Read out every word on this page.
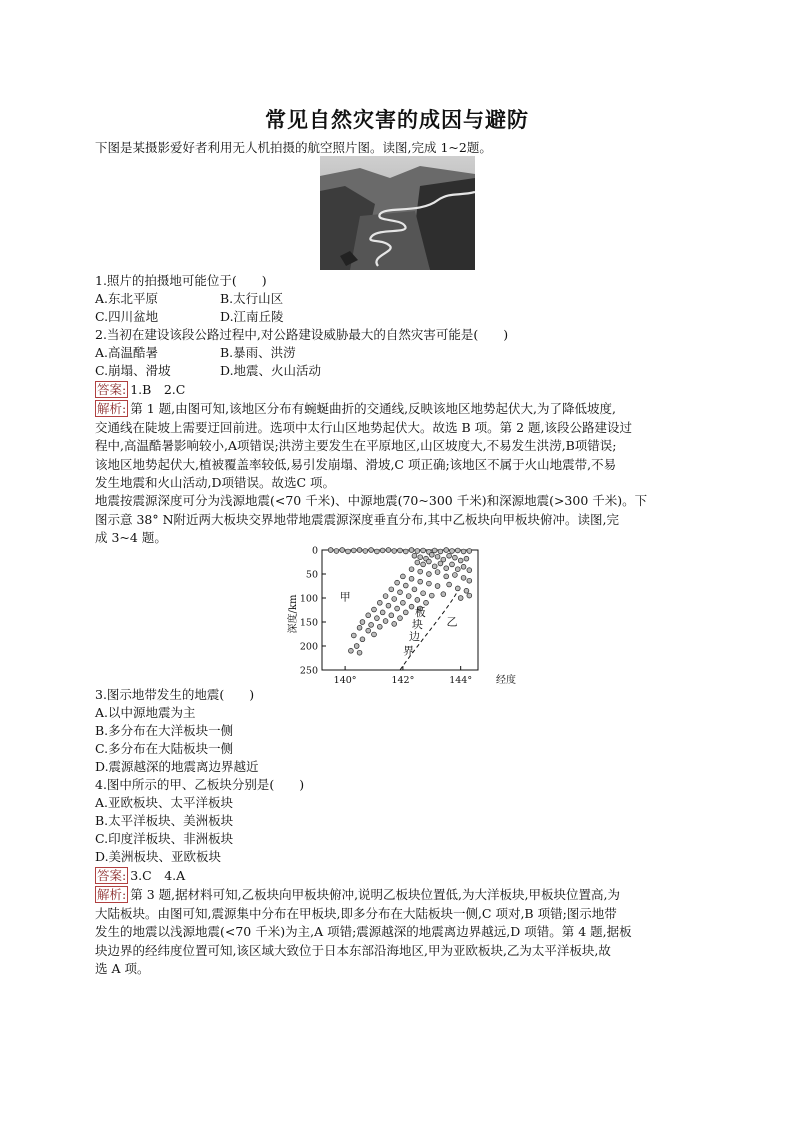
常见自然灾害的成因与避防
下图是某摄影爱好者利用无人机拍摄的航空照片图。读图,完成 1~2题。
1.照片的拍摄地可能位于(　　)
A.东北平原	B.太行山区
C.四川盆地	D.江南丘陵
2.当初在建设该段公路过程中,对公路建设威胁最大的自然灾害可能是(　　)
A.高温酷暑	B.暴雨、洪涝
C.崩塌、滑坡	D.地震、火山活动
答案: 1.B　2.C
解析: 第 1 题,由图可知,该地区分布有蜿蜒曲折的交通线,反映该地区地势起伏大,为了降低坡度,
交通线在陡坡上需要迂回前进。选项中太行山区地势起伏大。故选 B 项。第 2 题,该段公路建设过
程中,高温酷暑影响较小,A项错误;洪涝主要发生在平原地区,山区坡度大,不易发生洪涝,B项错误;
该地区地势起伏大,植被覆盖率较低,易引发崩塌、滑坡,C 项正确;该地区不属于火山地震带,不易
发生地震和火山活动,D项错误。故选C 项。
地震按震源深度可分为浅源地震(<70 千米)、中源地震(70~300 千米)和深源地震(>300 千米)。下
图示意 38° N附近两大板块交界地带地震震源深度垂直分布,其中乙板块向甲板块俯冲。读图,完
成 3~4 题。
0
50
100
150
200
250
140°	142°	144° 经度
深度/km	甲
乙
板
块
边
界
3.图示地带发生的地震(　　)
A.以中源地震为主
B.多分布在大洋板块一侧
C.多分布在大陆板块一侧
D.震源越深的地震离边界越近
4.图中所示的甲、乙板块分别是(　　)
A.亚欧板块、太平洋板块
B.太平洋板块、美洲板块
C.印度洋板块、非洲板块
D.美洲板块、亚欧板块
答案: 3.C　4.A
解析: 第 3 题,据材料可知,乙板块向甲板块俯冲,说明乙板块位置低,为大洋板块,甲板块位置高,为
大陆板块。由图可知,震源集中分布在甲板块,即多分布在大陆板块一侧,C 项对,B 项错;图示地带
发生的地震以浅源地震(<70 千米)为主,A 项错;震源越深的地震离边界越远,D 项错。第 4 题,据板
块边界的经纬度位置可知,该区域大致位于日本东部沿海地区,甲为亚欧板块,乙为太平洋板块,故
选 A 项。
